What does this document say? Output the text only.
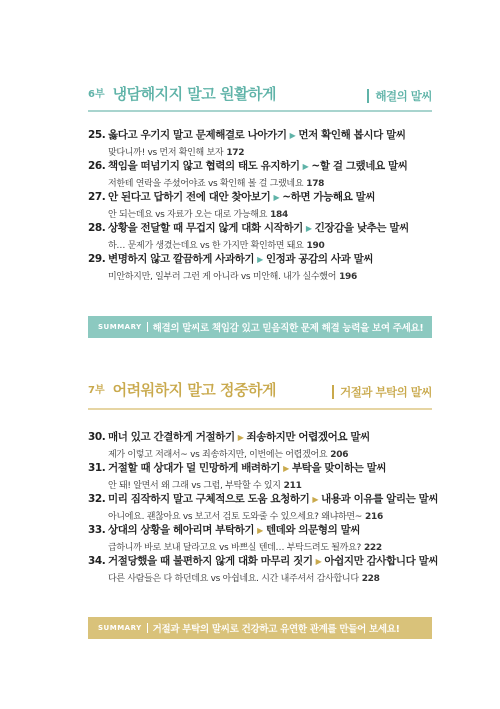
6부 냉담해지지 말고 원활하게	해결의 말씨
25. 옳다고 우기지 말고 문제해결로 나아가기 ▶ 먼저 확인해 봅시다 말씨
맞다니까! vs 먼저 확인해 보자 172
26. 책임을 떠넘기지 않고 협력의 태도 유지하기 ▶ ~할 걸 그랬네요 말씨
저한테 연락을 주셨어야죠 vs 확인해 볼 걸 그랬네요 178
27. 안 된다고 답하기 전에 대안 찾아보기 ▶ ~하면 가능해요 말씨
안 되는데요 vs 자료가 오는 대로 가능해요 184
28. 상황을 전달할 때 무겁지 않게 대화 시작하기 ▶ 긴장감을 낮추는 말씨
하… 문제가 생겼는데요 vs 한 가지만 확인하면 돼요 190
29. 변명하지 않고 깔끔하게 사과하기 ▶ 인정과 공감의 사과 말씨
미안하지만, 일부러 그런 게 아니라 vs 미안해. 내가 실수했어 196
SUMMARY 해결의 말씨로 책임감 있고 믿음직한 문제 해결 능력을 보여 주세요!
7부 어려워하지 말고 정중하게	거절과 부탁의 말씨
30. 매너 있고 간결하게 거절하기 ▶ 죄송하지만 어렵겠어요 말씨
제가 이렇고 저래서~ vs 죄송하지만, 이번에는 어렵겠어요 206
31. 거절할 때 상대가 덜 민망하게 배려하기 ▶ 부탁을 맞이하는 말씨
안 돼! 알면서 왜 그래 vs 그럼, 부탁할 수 있지 211
32. 미리 짐작하지 말고 구체적으로 도움 요청하기 ▶ 내용과 이유를 알리는 말씨
아니에요. 괜찮아요 vs 보고서 검토 도와줄 수 있으세요? 왜냐하면~ 216
33. 상대의 상황을 헤아리며 부탁하기 ▶ 텐데와 의문형의 말씨
급하니까 바로 보내 달라고요 vs 바쁘실 텐데… 부탁드려도 될까요? 222
34. 거절당했을 때 불편하지 않게 대화 마무리 짓기 ▶ 아쉽지만 감사합니다 말씨
다른 사람들은 다 하던데요 vs 아쉽네요. 시간 내주셔서 감사합니다 228
SUMMARY 거절과 부탁의 말씨로 건강하고 유연한 관계를 만들어 보세요!
